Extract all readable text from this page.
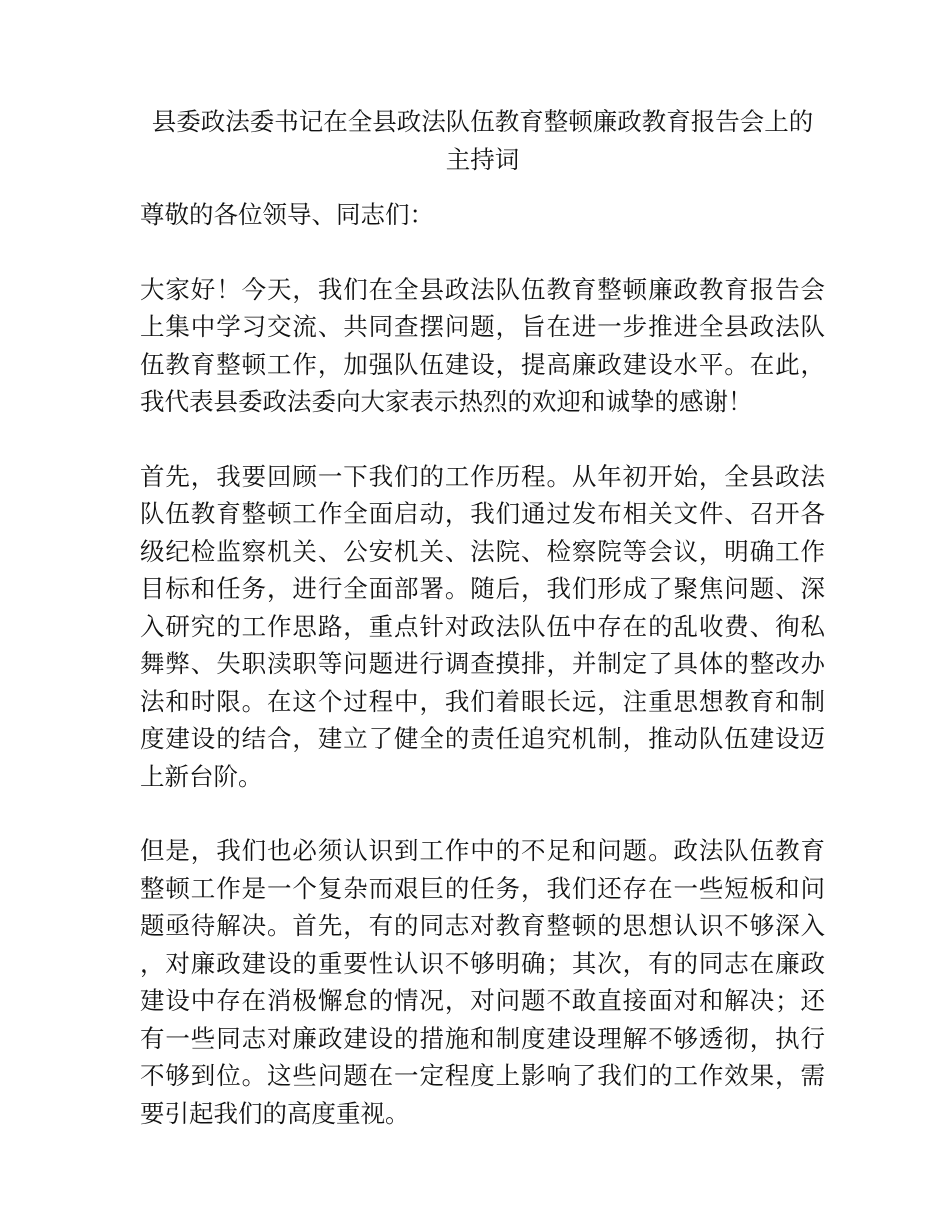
县委政法委书记在全县政法队伍教育整顿廉政教育报告会上的主持词

尊敬的各位领导、同志们：

大家好！今天，我们在全县政法队伍教育整顿廉政教育报告会上集中学习交流、共同查摆问题，旨在进一步推进全县政法队伍教育整顿工作，加强队伍建设，提高廉政建设水平。在此，我代表县委政法委向大家表示热烈的欢迎和诚挚的感谢！

首先，我要回顾一下我们的工作历程。从年初开始，全县政法队伍教育整顿工作全面启动，我们通过发布相关文件、召开各级纪检监察机关、公安机关、法院、检察院等会议，明确工作目标和任务，进行全面部署。随后，我们形成了聚焦问题、深入研究的工作思路，重点针对政法队伍中存在的乱收费、徇私舞弊、失职渎职等问题进行调查摸排，并制定了具体的整改办法和时限。在这个过程中，我们着眼长远，注重思想教育和制度建设的结合，建立了健全的责任追究机制，推动队伍建设迈上新台阶。

但是，我们也必须认识到工作中的不足和问题。政法队伍教育整顿工作是一个复杂而艰巨的任务，我们还存在一些短板和问题亟待解决。首先，有的同志对教育整顿的思想认识不够深入，对廉政建设的重要性认识不够明确；其次，有的同志在廉政建设中存在消极懈怠的情况，对问题不敢直接面对和解决；还有一些同志对廉政建设的措施和制度建设理解不够透彻，执行不够到位。这些问题在一定程度上影响了我们的工作效果，需要引起我们的高度重视。
